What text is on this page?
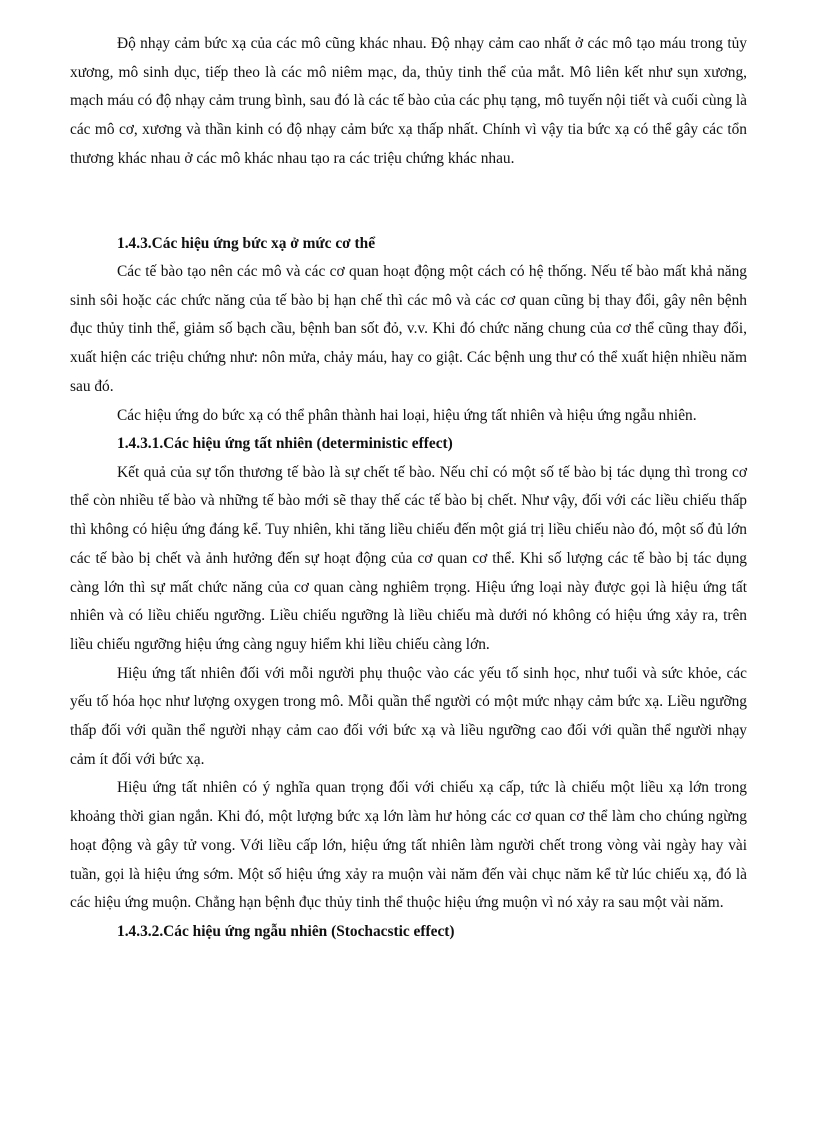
Độ nhạy cảm bức xạ của các mô cũng khác nhau. Độ nhạy cảm cao nhất ở các mô tạo máu trong tủy xương, mô sinh dục, tiếp theo là các mô niêm mạc, da, thủy tinh thể của mắt. Mô liên kết như sụn xương, mạch máu có độ nhạy cảm trung bình, sau đó là các tế bào của các phụ tạng, mô tuyến nội tiết và cuối cùng là các mô cơ, xương và thần kinh có độ nhạy cảm bức xạ thấp nhất. Chính vì vậy tia bức xạ có thể gây các tổn thương khác nhau ở các mô khác nhau tạo ra các triệu chứng khác nhau.

1.4.3.Các hiệu ứng bức xạ ở mức cơ thể

Các tế bào tạo nên các mô và các cơ quan hoạt động một cách có hệ thống. Nếu tế bào mất khả năng sinh sôi hoặc các chức năng của tế bào bị hạn chế thì các mô và các cơ quan cũng bị thay đổi, gây nên bệnh đục thủy tinh thể, giảm số bạch cầu, bệnh ban sốt đỏ, v.v. Khi đó chức năng chung của cơ thể cũng thay đổi, xuất hiện các triệu chứng như: nôn mửa, chảy máu, hay co giật. Các bệnh ung thư có thể xuất hiện nhiều năm sau đó.

Các hiệu ứng do bức xạ có thể phân thành hai loại, hiệu ứng tất nhiên và hiệu ứng ngẫu nhiên.

1.4.3.1.Các hiệu ứng tất nhiên (deterministic effect)

Kết quả của sự tổn thương tế bào là sự chết tế bào. Nếu chỉ có một số tế bào bị tác dụng thì trong cơ thể còn nhiều tế bào và những tế bào mới sẽ thay thế các tế bào bị chết. Như vậy, đối với các liều chiếu thấp thì không có hiệu ứng đáng kể. Tuy nhiên, khi tăng liều chiếu đến một giá trị liều chiếu nào đó, một số đủ lớn các tế bào bị chết và ảnh hưởng đến sự hoạt động của cơ quan cơ thể. Khi số lượng các tế bào bị tác dụng càng lớn thì sự mất chức năng của cơ quan càng nghiêm trọng. Hiệu ứng loại này được gọi là hiệu ứng tất nhiên và có liều chiếu ngưỡng. Liều chiếu ngưỡng là liều chiếu mà dưới nó không có hiệu ứng xảy ra, trên liều chiếu ngưỡng hiệu ứng càng nguy hiểm khi liều chiếu càng lớn.

Hiệu ứng tất nhiên đối với mỗi người phụ thuộc vào các yếu tố sinh học, như tuổi và sức khỏe, các yếu tố hóa học như lượng oxygen trong mô. Mỗi quần thể người có một mức nhạy cảm bức xạ. Liều ngưỡng thấp đối với quần thể người nhạy cảm cao đối với bức xạ và liều ngưỡng cao đối với quần thể người nhạy cảm ít đối với bức xạ.

Hiệu ứng tất nhiên có ý nghĩa quan trọng đối với chiếu xạ cấp, tức là chiếu một liều xạ lớn trong khoảng thời gian ngắn. Khi đó, một lượng bức xạ lớn làm hư hỏng các cơ quan cơ thể làm cho chúng ngừng hoạt động và gây tử vong. Với liều cấp lớn, hiệu ứng tất nhiên làm người chết trong vòng vài ngày hay vài tuần, gọi là hiệu ứng sớm. Một số hiệu ứng xảy ra muộn vài năm đến vài chục năm kể từ lúc chiếu xạ, đó là các hiệu ứng muộn. Chẳng hạn bệnh đục thủy tinh thể thuộc hiệu ứng muộn vì nó xảy ra sau một vài năm.

1.4.3.2.Các hiệu ứng ngẫu nhiên (Stochacstic effect)
